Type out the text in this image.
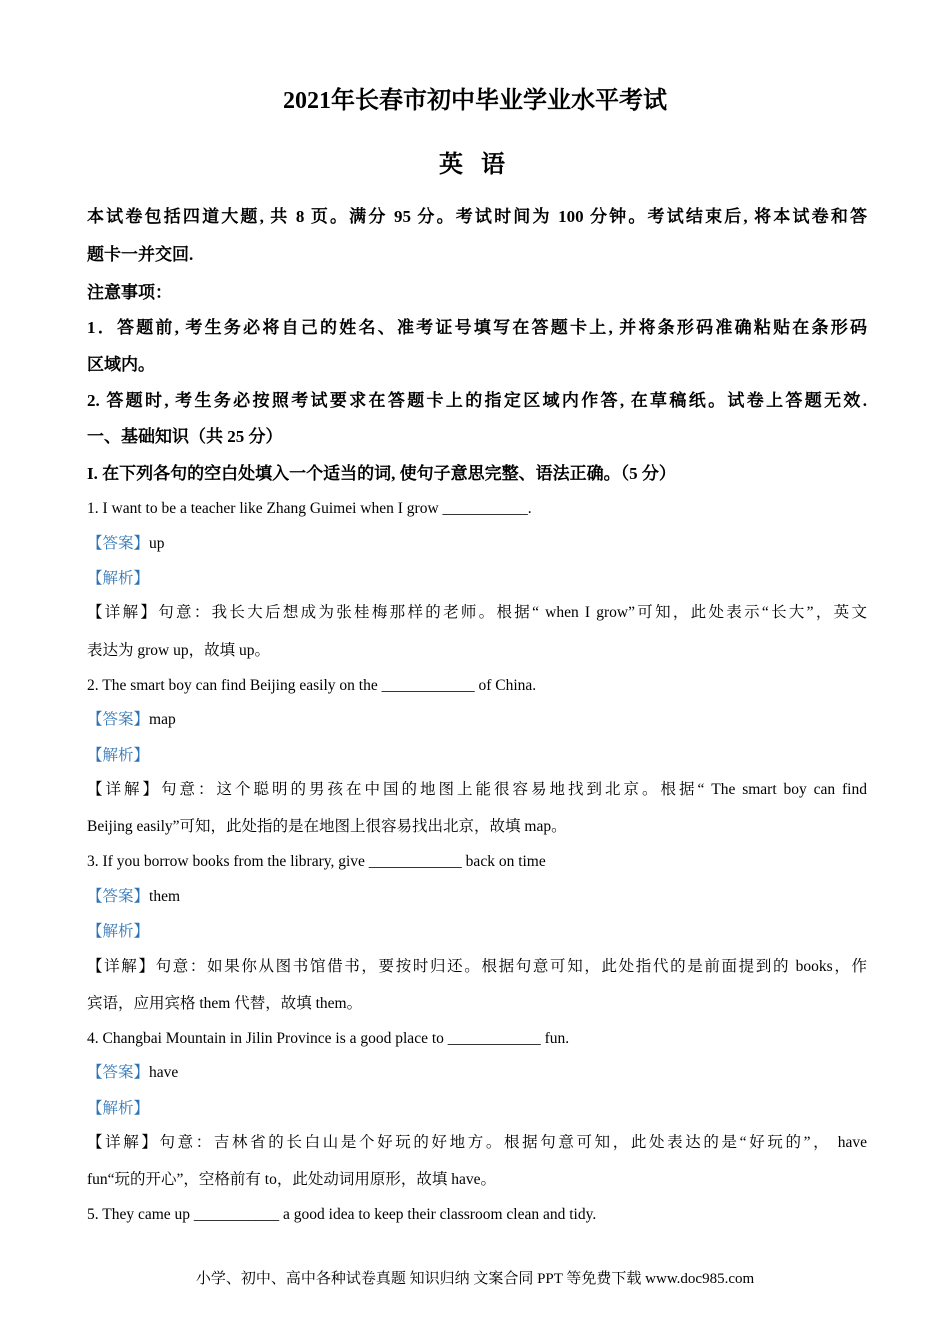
2021年长春市初中毕业学业水平考试
英 语
本试卷包括四道大题, 共 8 页。满分 95 分。考试时间为 100 分钟。考试结束后, 将本试卷和答
题卡一并交回.
注意事项：
1．答题前, 考生务必将自己的姓名、准考证号填写在答题卡上, 并将条形码准确粘贴在条形码
区域内。
2. 答题时, 考生务必按照考试要求在答题卡上的指定区域内作答, 在草稿纸。试卷上答题无效.
一、基础知识（共 25 分）
I. 在下列各句的空白处填入一个适当的词, 使句子意思完整、语法正确。（5 分）
1. I want to be a teacher like Zhang Guimei when I grow ___________.
【答案】up
【解析】
【详解】句意：我长大后想成为张桂梅那样的老师。根据“ when I grow”可知，此处表示“长大”，英文
表达为 grow up，故填 up。
2. The smart boy can find Beijing easily on the ____________ of China.
【答案】map
【解析】
【详解】句意：这个聪明的男孩在中国的地图上能很容易地找到北京。根据“ The smart boy can find
Beijing easily”可知，此处指的是在地图上很容易找出北京，故填 map。
3. If you borrow books from the library, give ____________ back on time
【答案】them
【解析】
【详解】句意：如果你从图书馆借书，要按时归还。根据句意可知，此处指代的是前面提到的 books，作
宾语，应用宾格 them 代替，故填 them。
4. Changbai Mountain in Jilin Province is a good place to ____________ fun.
【答案】have
【解析】
【详解】句意：吉林省的长白山是个好玩的好地方。根据句意可知，此处表达的是“好玩的”， have
fun“玩的开心”，空格前有 to，此处动词用原形，故填 have。
5. They came up ___________ a good idea to keep their classroom clean and tidy.
小学、初中、高中各种试卷真题 知识归纳 文案合同 PPT 等免费下载 www.doc985.com
